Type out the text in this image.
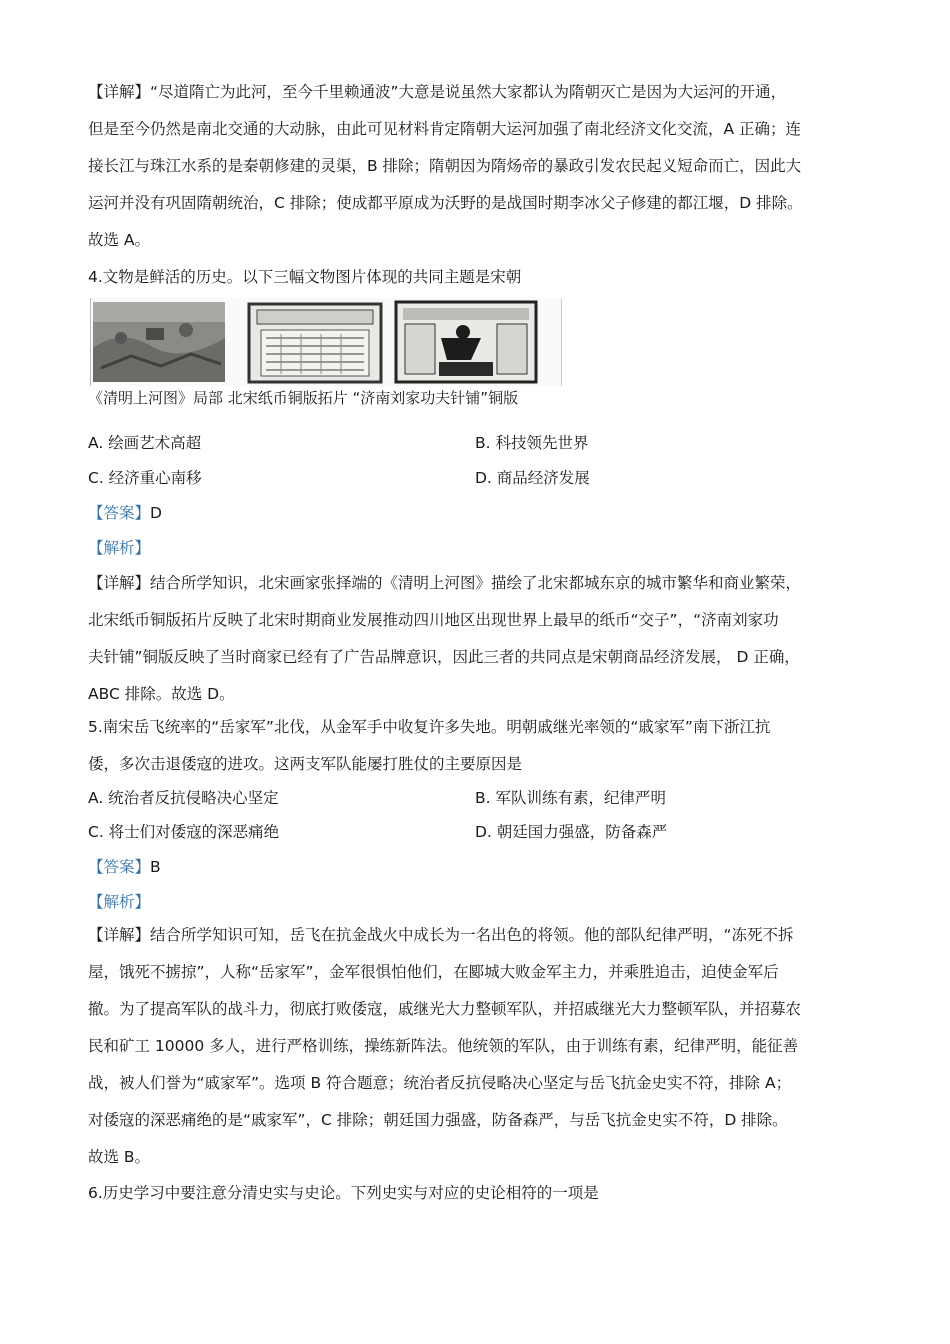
【详解】“尽道隋亡为此河，至今千里赖通波”大意是说虽然大家都认为隋朝灭亡是因为大运河的开通，
但是至今仍然是南北交通的大动脉，由此可见材料肯定隋朝大运河加强了南北经济文化交流，A 正确；连
接长江与珠江水系的是秦朝修建的灵渠，B 排除；隋朝因为隋炀帝的暴政引发农民起义短命而亡，因此大
运河并没有巩固隋朝统治，C 排除；使成都平原成为沃野的是战国时期李冰父子修建的都江堰，D 排除。
故选 A。
4.文物是鲜活的历史。以下三幅文物图片体现的共同主题是宋朝
《清明上河图》局部 北宋纸币铜版拓片 “济南刘家功夫针铺”铜版
A. 绘画艺术高超	B. 科技领先世界
C. 经济重心南移	D. 商品经济发展
【答案】D
【解析】
【详解】结合所学知识，北宋画家张择端的《清明上河图》描绘了北宋都城东京的城市繁华和商业繁荣，
北宋纸币铜版拓片反映了北宋时期商业发展推动四川地区出现世界上最早的纸币“交子”，“济南刘家功
夫针铺”铜版反映了当时商家已经有了广告品牌意识，因此三者的共同点是宋朝商品经济发展， D 正确，
ABC 排除。故选 D。
5.南宋岳飞统率的“岳家军”北伐，从金军手中收复许多失地。明朝戚继光率领的“戚家军”南下浙江抗
倭，多次击退倭寇的进攻。这两支军队能屡打胜仗的主要原因是
A. 统治者反抗侵略决心坚定	B. 军队训练有素，纪律严明
C. 将士们对倭寇的深恶痛绝	D. 朝廷国力强盛，防备森严
【答案】B
【解析】
【详解】结合所学知识可知，岳飞在抗金战火中成长为一名出色的将领。他的部队纪律严明，“冻死不拆
屋，饿死不掳掠”，人称“岳家军”，金军很惧怕他们，在郾城大败金军主力，并乘胜追击，迫使金军后
撤。为了提高军队的战斗力，彻底打败倭寇，戚继光大力整顿军队，并招戚继光大力整顿军队，并招募农
民和矿工 10000 多人，进行严格训练，操练新阵法。他统领的军队，由于训练有素，纪律严明，能征善
战，被人们誉为“戚家军”。选项 B 符合题意；统治者反抗侵略决心坚定与岳飞抗金史实不符，排除 A；
对倭寇的深恶痛绝的是“戚家军”，C 排除；朝廷国力强盛，防备森严，与岳飞抗金史实不符，D 排除。
故选 B。
6.历史学习中要注意分清史实与史论。下列史实与对应的史论相符的一项是
